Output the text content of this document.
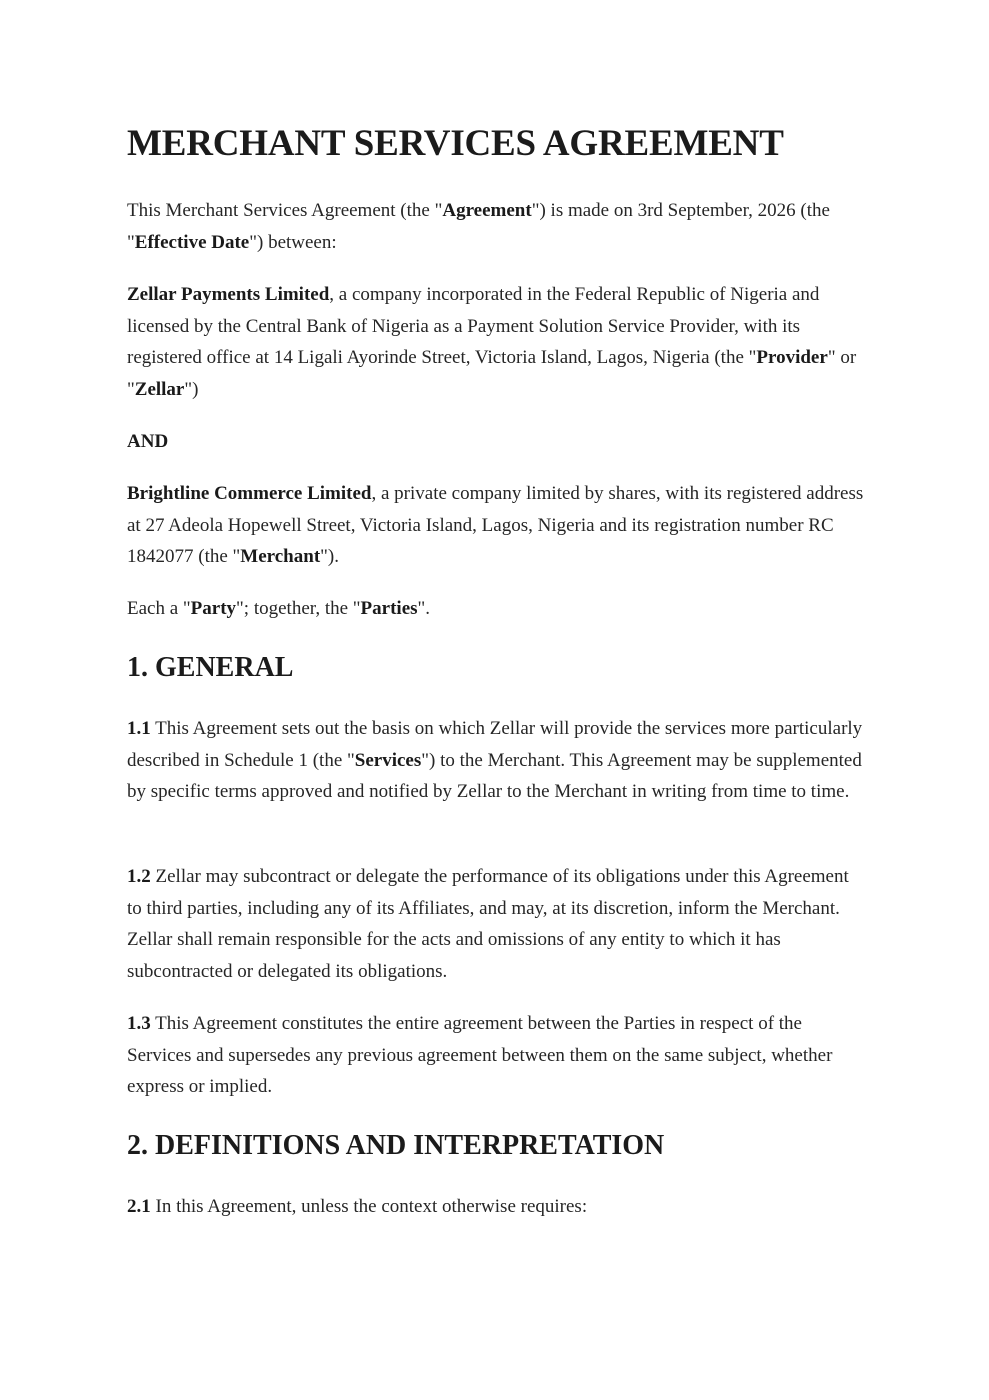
MERCHANT SERVICES AGREEMENT

This Merchant Services Agreement (the "Agreement") is made on 3rd September, 2026 (the "Effective Date") between:

Zellar Payments Limited, a company incorporated in the Federal Republic of Nigeria and licensed by the Central Bank of Nigeria as a Payment Solution Service Provider, with its registered office at 14 Ligali Ayorinde Street, Victoria Island, Lagos, Nigeria (the "Provider" or "Zellar")

AND

Brightline Commerce Limited, a private company limited by shares, with its registered address at 27 Adeola Hopewell Street, Victoria Island, Lagos, Nigeria and its registration number RC 1842077 (the "Merchant").

Each a "Party"; together, the "Parties".

1. GENERAL

1.1 This Agreement sets out the basis on which Zellar will provide the services more particularly described in Schedule 1 (the "Services") to the Merchant. This Agreement may be supplemented by specific terms approved and notified by Zellar to the Merchant in writing from time to time.

1.2 Zellar may subcontract or delegate the performance of its obligations under this Agreement to third parties, including any of its Affiliates, and may, at its discretion, inform the Merchant. Zellar shall remain responsible for the acts and omissions of any entity to which it has subcontracted or delegated its obligations.

1.3 This Agreement constitutes the entire agreement between the Parties in respect of the Services and supersedes any previous agreement between them on the same subject, whether express or implied.

2. DEFINITIONS AND INTERPRETATION

2.1 In this Agreement, unless the context otherwise requires:
